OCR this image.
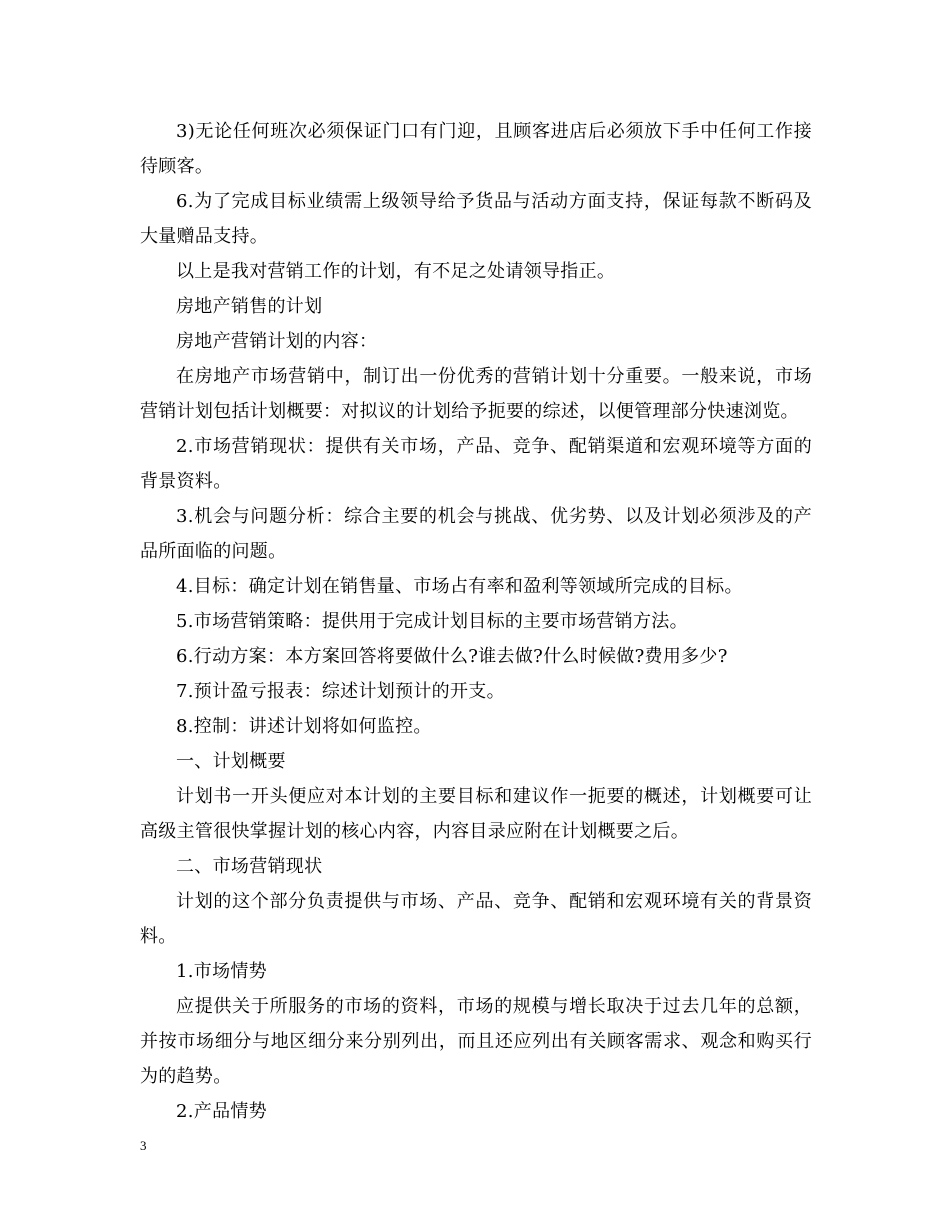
3)无论任何班次必须保证门口有门迎，且顾客进店后必须放下手中任何工作接待顾客。

6.为了完成目标业绩需上级领导给予货品与活动方面支持，保证每款不断码及大量赠品支持。

以上是我对营销工作的计划，有不足之处请领导指正。

房地产销售的计划

房地产营销计划的内容：

在房地产市场营销中，制订出一份优秀的营销计划十分重要。一般来说，市场营销计划包括计划概要：对拟议的计划给予扼要的综述，以便管理部分快速浏览。

2.市场营销现状：提供有关市场，产品、竞争、配销渠道和宏观环境等方面的背景资料。

3.机会与问题分析：综合主要的机会与挑战、优劣势、以及计划必须涉及的产品所面临的问题。

4.目标：确定计划在销售量、市场占有率和盈利等领域所完成的目标。

5.市场营销策略：提供用于完成计划目标的主要市场营销方法。

6.行动方案：本方案回答将要做什么?谁去做?什么时候做?费用多少?

7.预计盈亏报表：综述计划预计的开支。

8.控制：讲述计划将如何监控。

一、计划概要

计划书一开头便应对本计划的主要目标和建议作一扼要的概述，计划概要可让高级主管很快掌握计划的核心内容，内容目录应附在计划概要之后。

二、市场营销现状

计划的这个部分负责提供与市场、产品、竞争、配销和宏观环境有关的背景资料。

1.市场情势

应提供关于所服务的市场的资料，市场的规模与增长取决于过去几年的总额，并按市场细分与地区细分来分别列出，而且还应列出有关顾客需求、观念和购买行为的趋势。

2.产品情势

3
